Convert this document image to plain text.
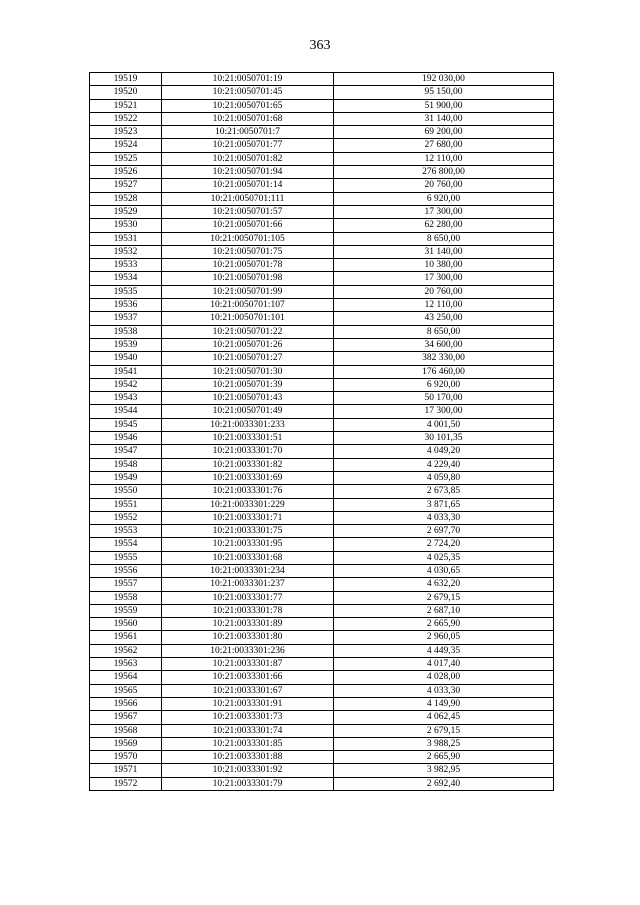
363
19519	10:21:0050701:19	192 030,00
19520	10:21:0050701:45	95 150,00
19521	10:21:0050701:65	51 900,00
19522	10:21:0050701:68	31 140,00
19523	10:21:0050701:7	69 200,00
19524	10:21:0050701:77	27 680,00
19525	10:21:0050701:82	12 110,00
19526	10:21:0050701:94	276 800,00
19527	10:21:0050701:14	20 760,00
19528	10:21:0050701:111	6 920,00
19529	10:21:0050701:57	17 300,00
19530	10:21:0050701:66	62 280,00
19531	10:21:0050701:105	8 650,00
19532	10:21:0050701:75	31 140,00
19533	10:21:0050701:78	10 380,00
19534	10:21:0050701:98	17 300,00
19535	10:21:0050701:99	20 760,00
19536	10:21:0050701:107	12 110,00
19537	10:21:0050701:101	43 250,00
19538	10:21:0050701:22	8 650,00
19539	10:21:0050701:26	34 600,00
19540	10:21:0050701:27	382 330,00
19541	10:21:0050701:30	176 460,00
19542	10:21:0050701:39	6 920,00
19543	10:21:0050701:43	50 170,00
19544	10:21:0050701:49	17 300,00
19545	10:21:0033301:233	4 001,50
19546	10:21:0033301:51	30 101,35
19547	10:21:0033301:70	4 049,20
19548	10:21:0033301:82	4 229,40
19549	10:21:0033301:69	4 059,80
19550	10:21:0033301:76	2 673,85
19551	10:21:0033301:229	3 871,65
19552	10:21:0033301:71	4 033,30
19553	10:21:0033301:75	2 697,70
19554	10:21:0033301:95	2 724,20
19555	10:21:0033301:68	4 025,35
19556	10:21:0033301:234	4 030,65
19557	10:21:0033301:237	4 632,20
19558	10:21:0033301:77	2 679,15
19559	10:21:0033301:78	2 687,10
19560	10:21:0033301:89	2 665,90
19561	10:21:0033301:80	2 960,05
19562	10:21:0033301:236	4 449,35
19563	10:21:0033301:87	4 017,40
19564	10:21:0033301:66	4 028,00
19565	10:21:0033301:67	4 033,30
19566	10:21:0033301:91	4 149,90
19567	10:21:0033301:73	4 062,45
19568	10:21:0033301:74	2 679,15
19569	10:21:0033301:85	3 988,25
19570	10:21:0033301:88	2 665,90
19571	10:21:0033301:92	3 982,95
19572	10:21:0033301:79	2 692,40
